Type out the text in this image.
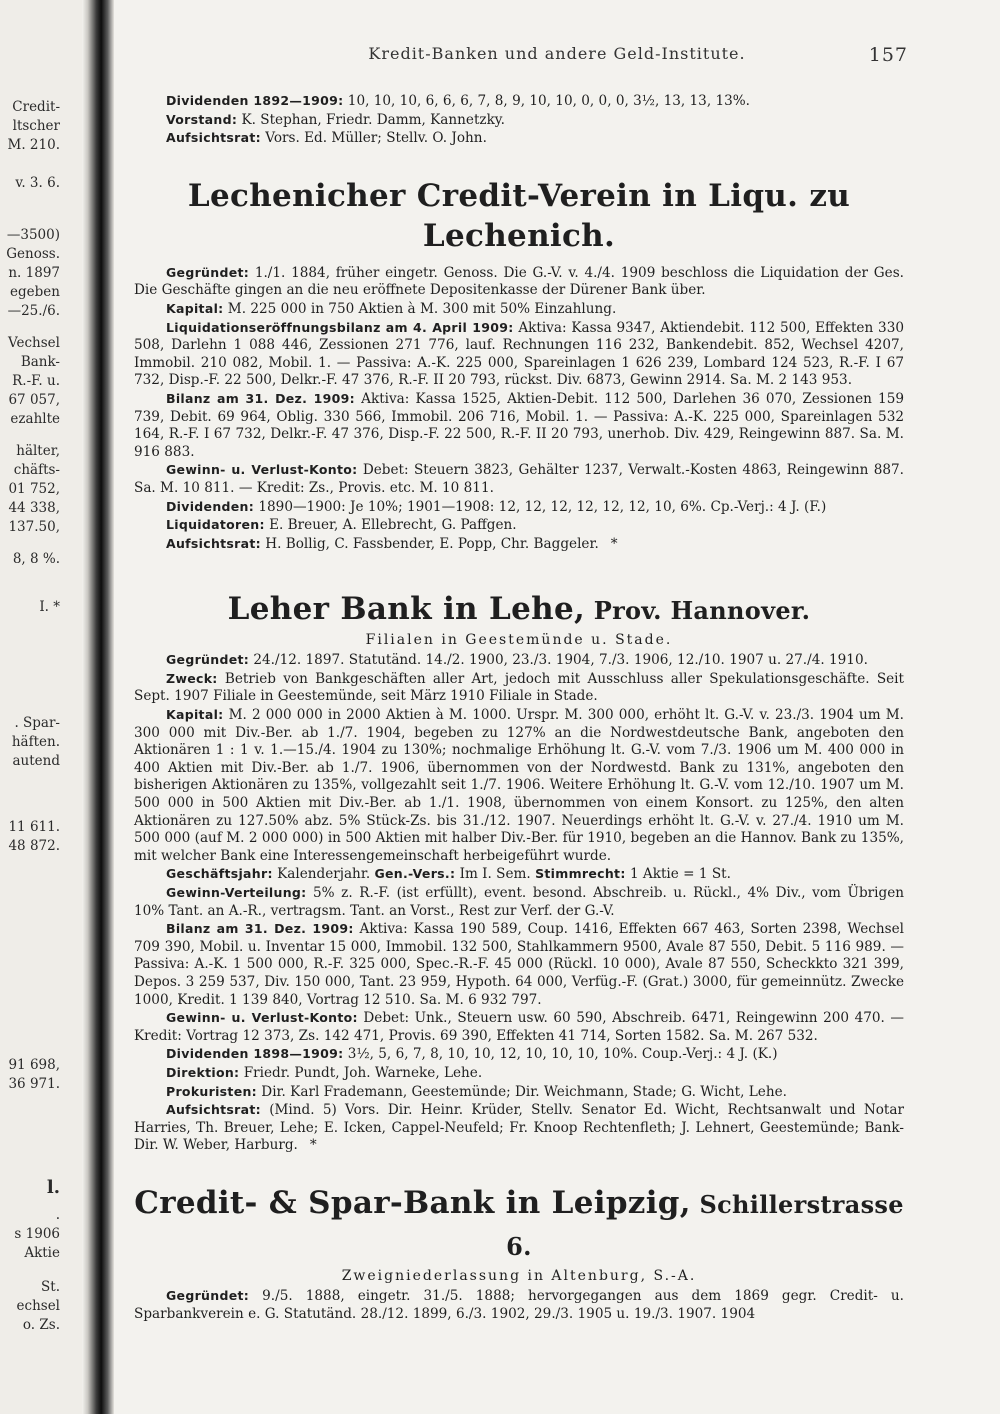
Credit-
ltscher
M. 210.
v. 3. 6.
—3500)
Genoss.
n. 1897
egeben
—25./6.
Vechsel
Bank-
R.-F. u.
67 057,
ezahlte
hälter,
chäfts-
01 752,
44 338,
137.50,
8, 8 %.
I. *
. Spar-
häften.
autend
11 611.
48 872.
91 698,
36 971.
l.
.
s 1906
Aktie
St.
echsel
o. Zs.
Kredit-Banken und andere Geld-Institute.	157

Dividenden 1892—1909: 10, 10, 10, 6, 6, 6, 7, 8, 9, 10, 10, 0, 0, 0, 3½, 13, 13, 13%.

Vorstand: K. Stephan, Friedr. Damm, Kannetzky.

Aufsichtsrat: Vors. Ed. Müller; Stellv. O. John.

Lechenicher Credit-Verein in Liqu. zu Lechenich.

Gegründet: 1./1. 1884, früher eingetr. Genoss. Die G.-V. v. 4./4. 1909 beschloss die Liquidation der Ges. Die Geschäfte gingen an die neu eröffnete Depositenkasse der Dürener Bank über.

Kapital: M. 225 000 in 750 Aktien à M. 300 mit 50% Einzahlung.

Liquidationseröffnungsbilanz am 4. April 1909: Aktiva: Kassa 9347, Aktiendebit. 112 500, Effekten 330 508, Darlehn 1 088 446, Zessionen 271 776, lauf. Rechnungen 116 232, Bankendebit. 852, Wechsel 4207, Immobil. 210 082, Mobil. 1. — Passiva: A.-K. 225 000, Spareinlagen 1 626 239, Lombard 124 523, R.-F. I 67 732, Disp.-F. 22 500, Delkr.-F. 47 376, R.-F. II 20 793, rückst. Div. 6873, Gewinn 2914. Sa. M. 2 143 953.

Bilanz am 31. Dez. 1909: Aktiva: Kassa 1525, Aktien-Debit. 112 500, Darlehen 36 070, Zessionen 159 739, Debit. 69 964, Oblig. 330 566, Immobil. 206 716, Mobil. 1. — Passiva: A.-K. 225 000, Spareinlagen 532 164, R.-F. I 67 732, Delkr.-F. 47 376, Disp.-F. 22 500, R.-F. II 20 793, unerhob. Div. 429, Reingewinn 887. Sa. M. 916 883.

Gewinn- u. Verlust-Konto: Debet: Steuern 3823, Gehälter 1237, Verwalt.-Kosten 4863, Reingewinn 887. Sa. M. 10 811. — Kredit: Zs., Provis. etc. M. 10 811.

Dividenden: 1890—1900: Je 10%; 1901—1908: 12, 12, 12, 12, 12, 12, 10, 6%. Cp.-Verj.: 4 J. (F.)

Liquidatoren: E. Breuer, A. Ellebrecht, G. Paffgen.

Aufsichtsrat: H. Bollig, C. Fassbender, E. Popp, Chr. Baggeler. *

Leher Bank in Lehe, Prov. Hannover.
Filialen in Geestemünde u. Stade.

Gegründet: 24./12. 1897. Statutänd. 14./2. 1900, 23./3. 1904, 7./3. 1906, 12./10. 1907 u. 27./4. 1910.

Zweck: Betrieb von Bankgeschäften aller Art, jedoch mit Ausschluss aller Spekulationsgeschäfte. Seit Sept. 1907 Filiale in Geestemünde, seit März 1910 Filiale in Stade.

Kapital: M. 2 000 000 in 2000 Aktien à M. 1000. Urspr. M. 300 000, erhöht lt. G.-V. v. 23./3. 1904 um M. 300 000 mit Div.-Ber. ab 1./7. 1904, begeben zu 127% an die Nordwestdeutsche Bank, angeboten den Aktionären 1 : 1 v. 1.—15./4. 1904 zu 130%; nochmalige Erhöhung lt. G.-V. vom 7./3. 1906 um M. 400 000 in 400 Aktien mit Div.-Ber. ab 1./7. 1906, übernommen von der Nordwestd. Bank zu 131%, angeboten den bisherigen Aktionären zu 135%, vollgezahlt seit 1./7. 1906. Weitere Erhöhung lt. G.-V. vom 12./10. 1907 um M. 500 000 in 500 Aktien mit Div.-Ber. ab 1./1. 1908, übernommen von einem Konsort. zu 125%, den alten Aktionären zu 127.50% abz. 5% Stück-Zs. bis 31./12. 1907. Neuerdings erhöht lt. G.-V. v. 27./4. 1910 um M. 500 000 (auf M. 2 000 000) in 500 Aktien mit halber Div.-Ber. für 1910, begeben an die Hannov. Bank zu 135%, mit welcher Bank eine Interessengemeinschaft herbeigeführt wurde.

Geschäftsjahr: Kalenderjahr. Gen.-Vers.: Im I. Sem. Stimmrecht: 1 Aktie = 1 St.

Gewinn-Verteilung: 5% z. R.-F. (ist erfüllt), event. besond. Abschreib. u. Rückl., 4% Div., vom Übrigen 10% Tant. an A.-R., vertragsm. Tant. an Vorst., Rest zur Verf. der G.-V.

Bilanz am 31. Dez. 1909: Aktiva: Kassa 190 589, Coup. 1416, Effekten 667 463, Sorten 2398, Wechsel 709 390, Mobil. u. Inventar 15 000, Immobil. 132 500, Stahlkammern 9500, Avale 87 550, Debit. 5 116 989. — Passiva: A.-K. 1 500 000, R.-F. 325 000, Spec.-R.-F. 45 000 (Rückl. 10 000), Avale 87 550, Scheckkto 321 399, Depos. 3 259 537, Div. 150 000, Tant. 23 959, Hypoth. 64 000, Verfüg.-F. (Grat.) 3000, für gemeinnütz. Zwecke 1000, Kredit. 1 139 840, Vortrag 12 510. Sa. M. 6 932 797.

Gewinn- u. Verlust-Konto: Debet: Unk., Steuern usw. 60 590, Abschreib. 6471, Reingewinn 200 470. — Kredit: Vortrag 12 373, Zs. 142 471, Provis. 69 390, Effekten 41 714, Sorten 1582. Sa. M. 267 532.

Dividenden 1898—1909: 3½, 5, 6, 7, 8, 10, 10, 12, 10, 10, 10, 10%. Coup.-Verj.: 4 J. (K.)

Direktion: Friedr. Pundt, Joh. Warneke, Lehe.

Prokuristen: Dir. Karl Frademann, Geestemünde; Dir. Weichmann, Stade; G. Wicht, Lehe.

Aufsichtsrat: (Mind. 5) Vors. Dir. Heinr. Krüder, Stellv. Senator Ed. Wicht, Rechtsanwalt und Notar Harries, Th. Breuer, Lehe; E. Icken, Cappel-Neufeld; Fr. Knoop Rechtenfleth; J. Lehnert, Geestemünde; Bank-Dir. W. Weber, Harburg. *

Credit- & Spar-Bank in Leipzig, Schillerstrasse 6.
Zweigniederlassung in Altenburg, S.-A.

Gegründet: 9./5. 1888, eingetr. 31./5. 1888; hervorgegangen aus dem 1869 gegr. Credit- u. Sparbankverein e. G. Statutänd. 28./12. 1899, 6./3. 1902, 29./3. 1905 u. 19./3. 1907. 1904
